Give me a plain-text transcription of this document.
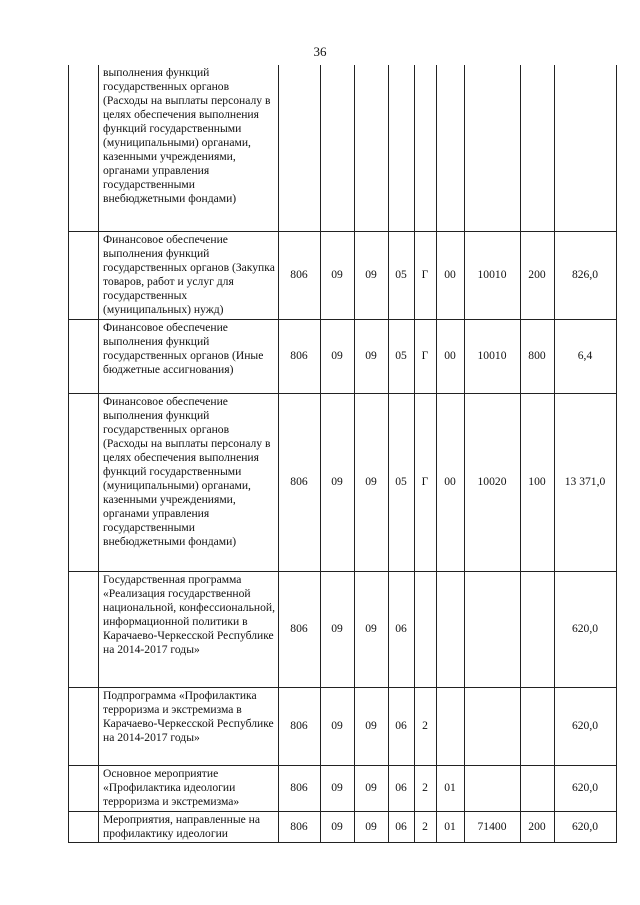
36
	выполнения функций государственных органов (Расходы на выплаты персоналу в целях обеспечения выполнения функций государственными (муниципальными) органами, казенными учреждениями, органами управления государственными внебюджетными фондами)									
	Финансовое обеспечение выполнения функций государственных органов (Закупка товаров, работ и услуг для государственных (муниципальных) нужд)	806	09	09	05	Г	00	10010	200	826,0
	Финансовое обеспечение выполнения функций государственных органов (Иные бюджетные ассигнования)	806	09	09	05	Г	00	10010	800	6,4
	Финансовое обеспечение выполнения функций государственных органов (Расходы на выплаты персоналу в целях обеспечения выполнения функций государственными (муниципальными) органами, казенными учреждениями, органами управления государственными внебюджетными фондами)	806	09	09	05	Г	00	10020	100	13 371,0
	Государственная программа «Реализация государственной национальной, конфессиональной, информационной политики в Карачаево-Черкесской Республике на 2014-2017 годы»	806	09	09	06					620,0
	Подпрограмма «Профилактика терроризма и экстремизма в Карачаево-Черкесской Республике на 2014-2017 годы»	806	09	09	06	2				620,0
	Основное мероприятие «Профилактика идеологии терроризма и экстремизма»	806	09	09	06	2	01			620,0
	Мероприятия, направленные на профилактику идеологии	806	09	09	06	2	01	71400	200	620,0
